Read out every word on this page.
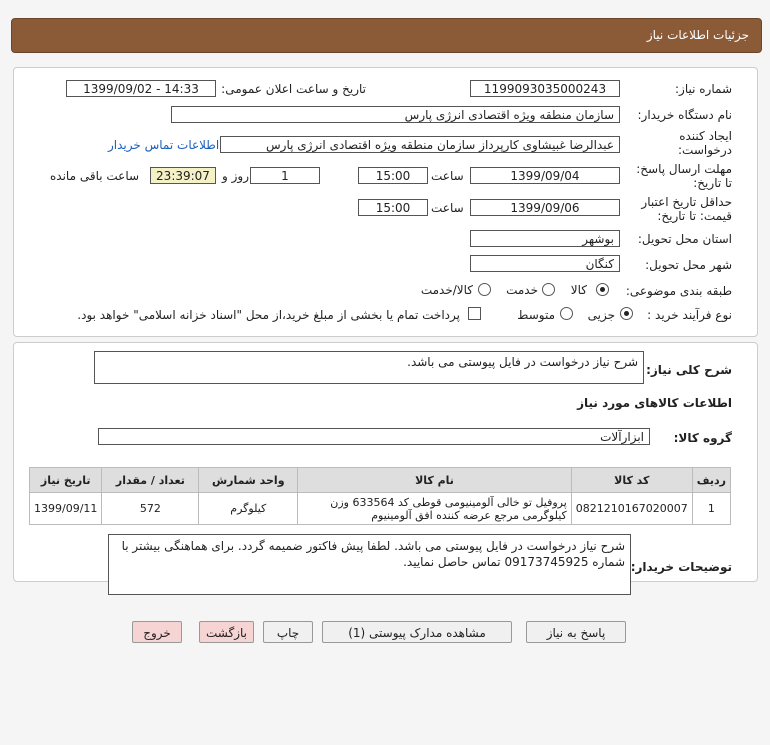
جزئیات اطلاعات نیاز
شماره نیاز:
1199093035000243
تاریخ و ساعت اعلان عمومی:
1399/09/02 - 14:33
نام دستگاه خریدار:
سازمان منطقه ویژه اقتصادی انرژی پارس
ایجاد کننده درخواست:
عبدالرضا غبیشاوی کارپرداز سازمان منطقه ویژه اقتصادی انرژی پارس
اطلاعات تماس خریدار
مهلت ارسال پاسخ: تا تاریخ:
1399/09/04
ساعت
15:00
1
روز و
23:39:07
ساعت باقی مانده
حداقل تاریخ اعتبار قیمت: تا تاریخ:
1399/09/06
ساعت
15:00
استان محل تحویل:
بوشهر
شهر محل تحویل:
کنگان
طبقه بندی موضوعی:
کالا
خدمت
کالا/خدمت
نوع فرآیند خرید :
جزیی
متوسط
پرداخت تمام یا بخشی از مبلغ خرید،از محل "اسناد خزانه اسلامی" خواهد بود.
شرح کلی نیاز:
شرح نیاز درخواست در فایل پیوستی می باشد.
اطلاعات کالاهای مورد نیاز
گروه کالا:
ابزارآلات
ردیف	کد کالا	نام کالا	واحد شمارش	تعداد / مقدار	تاریخ نیاز
1	0821210167020007	پروفیل تو خالی آلومینیومی قوطی کد 633564 وزن کیلوگرمی مرجع عرضه کننده افق آلومینیوم	کیلوگرم	572	1399/09/11
توضیحات خریدار:
شرح نیاز درخواست در فایل پیوستی می باشد. لطفا پیش فاکتور ضمیمه گردد. برای هماهنگی بیشتر با شماره 09173745925 تماس حاصل نمایید.
پاسخ به نیاز
مشاهده مدارک پیوستی (1)
چاپ
بازگشت
خروج
